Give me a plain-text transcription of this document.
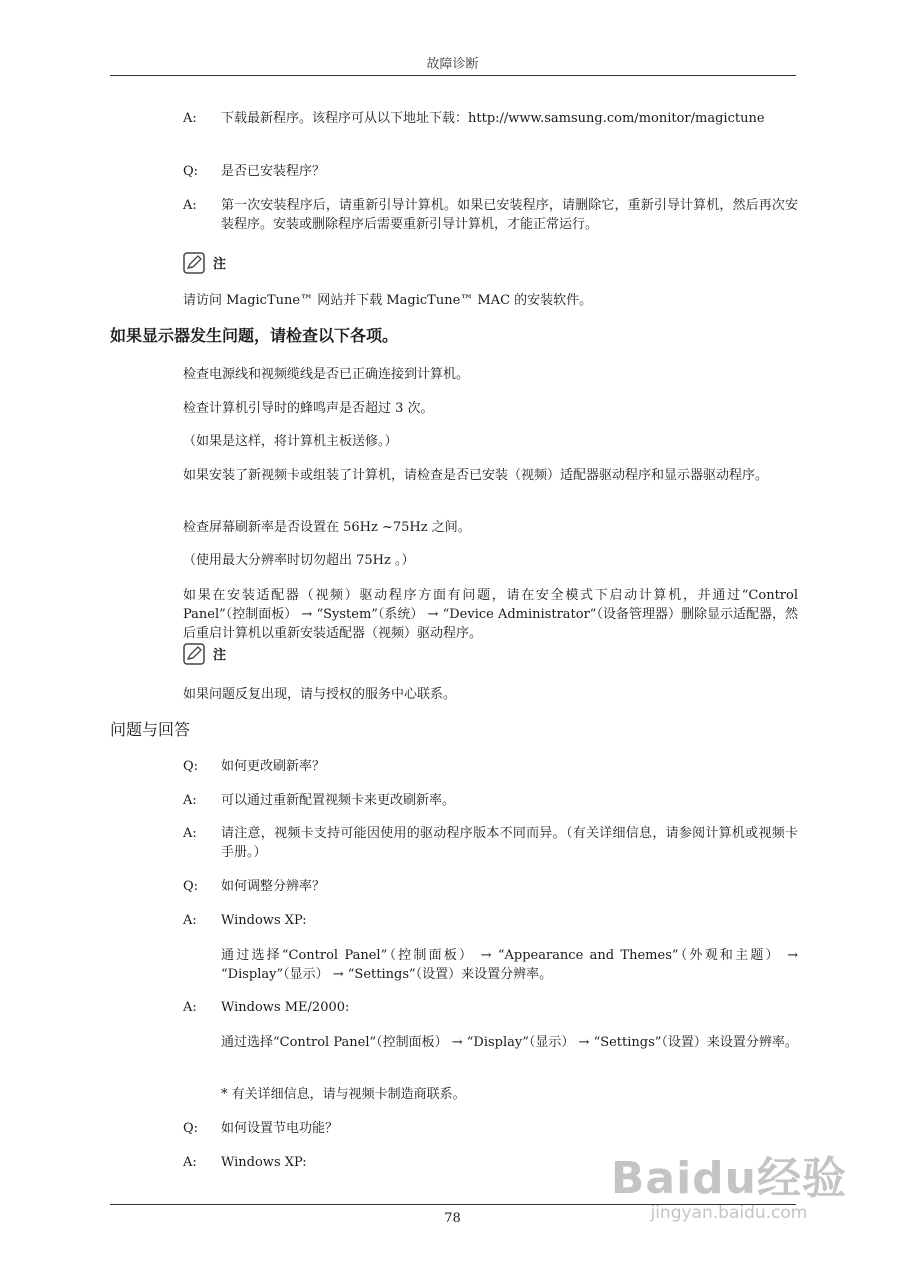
故障诊断
A: 下载最新程序。该程序可从以下地址下载：http://www.samsung.com/monitor/magictune
Q: 是否已安装程序？
A: 第一次安装程序后，请重新引导计算机。如果已安装程序，请删除它，重新引导计算机，然后再次安装程序。安装或删除程序后需要重新引导计算机，才能正常运行。
注
请访问 MagicTune™ 网站并下载 MagicTune™ MAC 的安装软件。
如果显示器发生问题，请检查以下各项。
检查电源线和视频缆线是否已正确连接到计算机。
检查计算机引导时的蜂鸣声是否超过 3 次。
（如果是这样，将计算机主板送修。）
如果安装了新视频卡或组装了计算机，请检查是否已安装（视频）适配器驱动程序和显示器驱动程序。
检查屏幕刷新率是否设置在 56Hz ~75Hz 之间。
（使用最大分辨率时切勿超出 75Hz 。）
如果在安装适配器（视频）驱动程序方面有问题，请在安全模式下启动计算机，并通过“Control Panel”（控制面板） → “System”（系统） → “Device Administrator”（设备管理器）删除显示适配器，然后重启计算机以重新安装适配器（视频）驱动程序。
注
如果问题反复出现，请与授权的服务中心联系。
问题与回答
Q: 如何更改刷新率？
A: 可以通过重新配置视频卡来更改刷新率。
A: 请注意，视频卡支持可能因使用的驱动程序版本不同而异。（有关详细信息，请参阅计算机或视频卡手册。）
Q: 如何调整分辨率？
A: Windows XP:
通过选择“Control Panel”（控制面板） → “Appearance and Themes”（外观和主题） → “Display”（显示） → “Settings”（设置）来设置分辨率。
A: Windows ME/2000:
通过选择“Control Panel”（控制面板） → “Display”（显示） → “Settings”（设置）来设置分辨率。
* 有关详细信息，请与视频卡制造商联系。
Q: 如何设置节电功能？
A: Windows XP:
78
Baidu经验
jingyan.baidu.com
